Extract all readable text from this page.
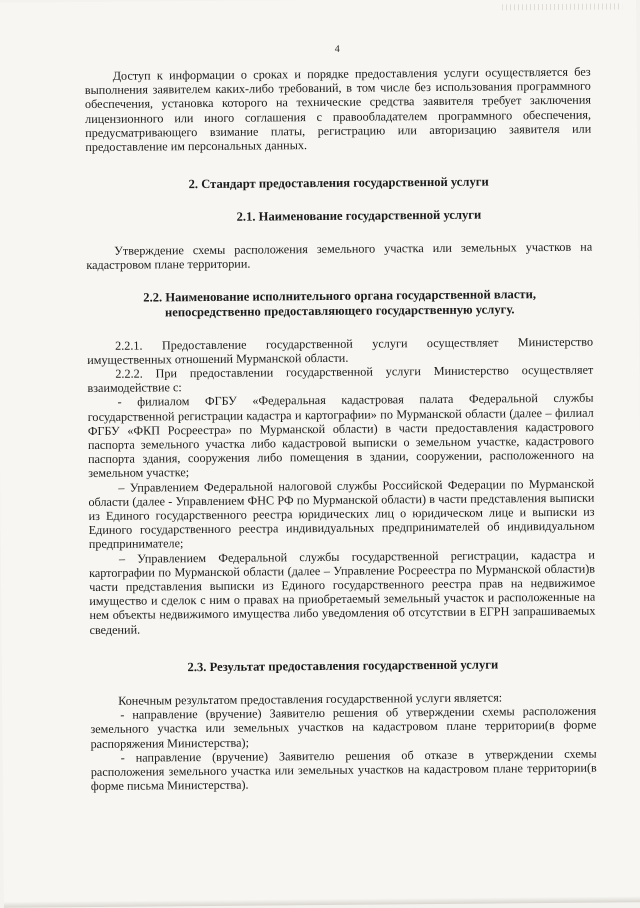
4

Доступ к информации о сроках и порядке предоставления услуги осуществляется без выполнения заявителем каких-либо требований, в том числе без использования программного обеспечения, установка которого на технические средства заявителя требует заключения лицензионного или иного соглашения с правообладателем программного обеспечения, предусматривающего взимание платы, регистрацию или авторизацию заявителя или предоставление им персональных данных.

2. Стандарт предоставления государственной услуги
2.1. Наименование государственной услуги

Утверждение схемы расположения земельного участка или земельных участков на кадастровом плане территории.

2.2. Наименование исполнительного органа государственной власти,
непосредственно предоставляющего государственную услугу.

2.2.1. Предоставление государственной услуги осуществляет Министерство имущественных отношений Мурманской области.

2.2.2. При предоставлении государственной услуги Министерство осуществляет взаимодействие с:

- филиалом ФГБУ «Федеральная кадастровая палата Федеральной службы государственной регистрации кадастра и картографии» по Мурманской области (далее – филиал ФГБУ «ФКП Росреестра» по Мурманской области) в части предоставления кадастрового паспорта земельного участка либо кадастровой выписки о земельном участке, кадастрового паспорта здания, сооружения либо помещения в здании, сооружении, расположенного на земельном участке;

– Управлением Федеральной налоговой службы Российской Федерации по Мурманской области (далее - Управлением ФНС РФ по Мурманской области) в части представления выписки из Единого государственного реестра юридических лиц о юридическом лице и выписки из Единого государственного реестра индивидуальных предпринимателей об индивидуальном предпринимателе;

– Управлением Федеральной службы государственной регистрации, кадастра и картографии по Мурманской области (далее – Управление Росреестра по Мурманской области)в части представления выписки из Единого государственного реестра прав на недвижимое имущество и сделок с ним о правах на приобретаемый земельный участок и расположенные на нем объекты недвижимого имущества либо уведомления об отсутствии в ЕГРН запрашиваемых сведений.

2.3. Результат предоставления государственной услуги

Конечным результатом предоставления государственной услуги является:

- направление (вручение) Заявителю решения об утверждении схемы расположения земельного участка или земельных участков на кадастровом плане территории(в форме распоряжения Министерства);

- направление (вручение) Заявителю решения об отказе в утверждении схемы расположения земельного участка или земельных участков на кадастровом плане территории(в форме письма Министерства).
